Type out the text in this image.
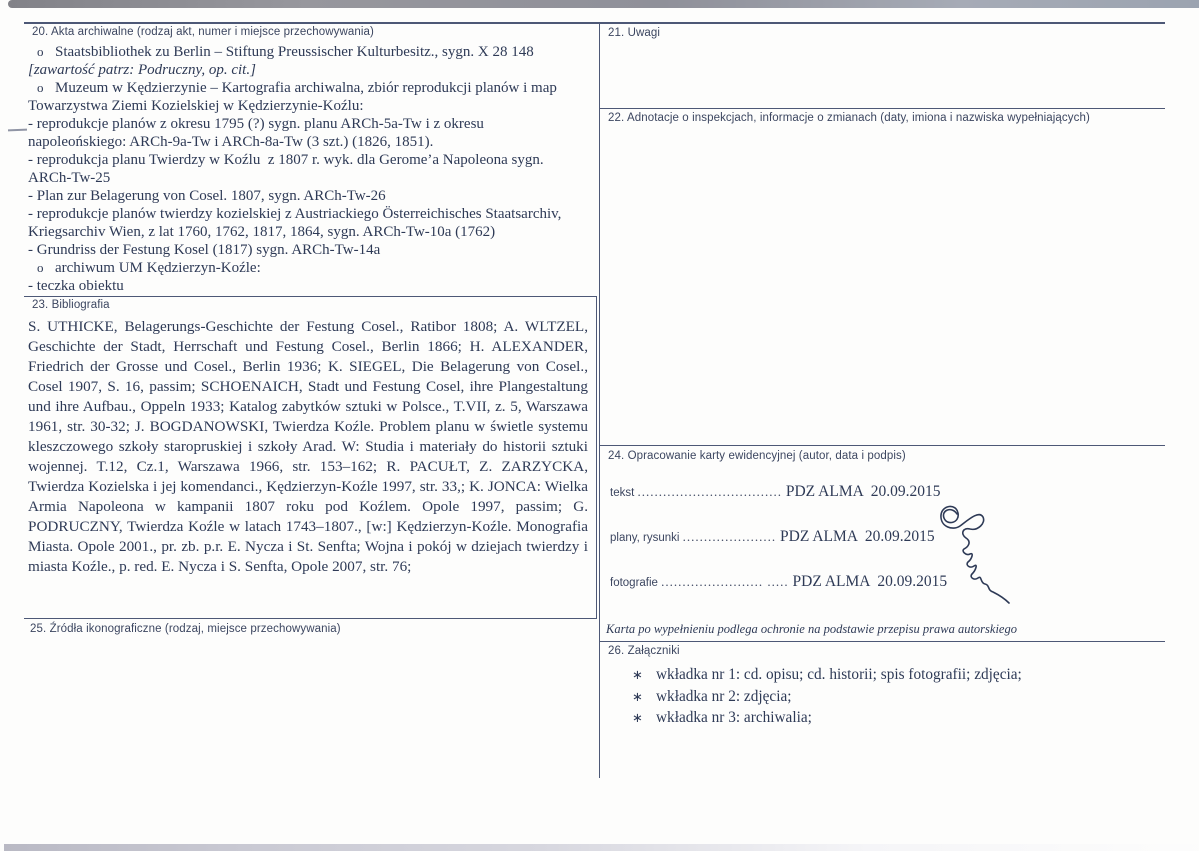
20. Akta archiwalne (rodzaj akt, numer i miejsce przechowywania)
o Staatsbibliothek zu Berlin – Stiftung Preussischer Kulturbesitz., sygn. X 28 148
[zawartość patrz: Podruczny, op. cit.]
o Muzeum w Kędzierzynie – Kartografia archiwalna, zbiór reprodukcji planów i map
Towarzystwa Ziemi Kozielskiej w Kędzierzynie-Koźlu:
- reprodukcje planów z okresu 1795 (?) sygn. planu ARCh-5a-Tw i z okresu
napoleońskiego: ARCh-9a-Tw i ARCh-8a-Tw (3 szt.) (1826, 1851).
- reprodukcja planu Twierdzy w Koźlu  z 1807 r. wyk. dla Gerome’a Napoleona sygn.
ARCh-Tw-25
- Plan zur Belagerung von Cosel. 1807, sygn. ARCh-Tw-26
- reprodukcje planów twierdzy kozielskiej z Austriackiego Österreichisches Staatsarchiv,
Kriegsarchiv Wien, z lat 1760, 1762, 1817, 1864, sygn. ARCh-Tw-10a (1762)
- Grundriss der Festung Kosel (1817) sygn. ARCh-Tw-14a
o archiwum UM Kędzierzyn-Koźle:
- teczka obiektu
23. Bibliografia
S. UTHICKE, Belagerungs-Geschichte der Festung Cosel., Ratibor 1808; A. WLTZEL, Geschichte der Stadt, Herrschaft und Festung Cosel., Berlin 1866; H. ALEXANDER, Friedrich der Grosse und Cosel., Berlin 1936; K. SIEGEL, Die Belagerung von Cosel., Cosel 1907, S. 16, passim; SCHOENAICH, Stadt und Festung Cosel, ihre Plangestaltung und ihre Aufbau., Oppeln 1933; Katalog zabytków sztuki w Polsce., T.VII, z. 5, Warszawa 1961, str. 30-32; J. BOGDANOWSKI, Twierdza Koźle. Problem planu w świetle systemu kleszczowego szkoły staropruskiej i szkoły Arad. W: Studia i materiały do historii sztuki wojennej. T.12, Cz.1, Warszawa 1966, str. 153–162; R. PACUŁT, Z. ZARZYCKA, Twierdza Kozielska i jej komendanci., Kędzierzyn-Koźle 1997, str. 33,; K. JONCA: Wielka Armia Napoleona w kampanii 1807 roku pod Koźlem. Opole 1997, passim; G. PODRUCZNY, Twierdza Koźle w latach 1743–1807., [w:] Kędzierzyn-Koźle. Monografia Miasta. Opole 2001., pr. zb. p.r. E. Nycza i St. Senfta; Wojna i pokój w dziejach twierdzy i miasta Koźle., p. red. E. Nycza i S. Senfta, Opole 2007, str. 76;
25. Źródła ikonograficzne (rodzaj, miejsce przechowywania)
21. Uwagi
22. Adnotacje o inspekcjach, informacje o zmianach (daty, imiona i nazwiska wypełniających)
24. Opracowanie karty ewidencyjnej (autor, data i podpis)
tekst .................................. PDZ ALMA  20.09.2015
plany, rysunki ...................... PDZ ALMA  20.09.2015
fotografie ........................ ..... PDZ ALMA  20.09.2015
Karta po wypełnieniu podlega ochronie na podstawie przepisu prawa autorskiego
26. Załączniki
∗ wkładka nr 1: cd. opisu; cd. historii; spis fotografii; zdjęcia;
∗ wkładka nr 2: zdjęcia;
∗ wkładka nr 3: archiwalia;
